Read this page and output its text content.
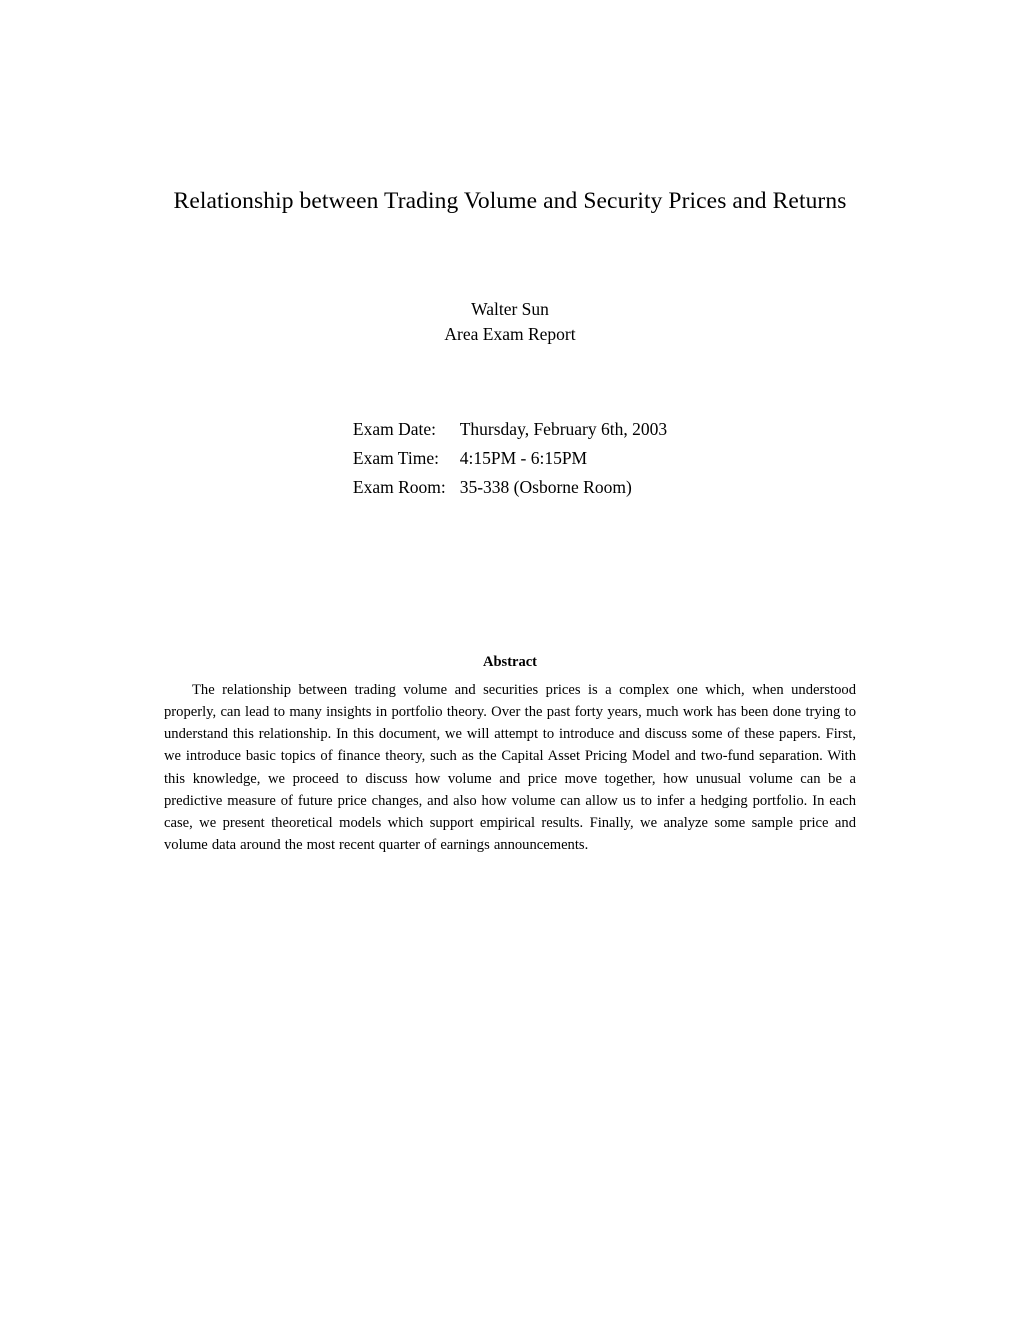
Relationship between Trading Volume and Security Prices and Returns
Walter Sun
Area Exam Report
Exam Date:	Thursday, February 6th, 2003
Exam Time:	4:15PM - 6:15PM
Exam Room:	35-338 (Osborne Room)
Abstract
The relationship between trading volume and securities prices is a complex one which, when understood properly, can lead to many insights in portfolio theory. Over the past forty years, much work has been done trying to understand this relationship. In this document, we will attempt to introduce and discuss some of these papers. First, we introduce basic topics of finance theory, such as the Capital Asset Pricing Model and two-fund separation. With this knowledge, we proceed to discuss how volume and price move together, how unusual volume can be a predictive measure of future price changes, and also how volume can allow us to infer a hedging portfolio. In each case, we present theoretical models which support empirical results. Finally, we analyze some sample price and volume data around the most recent quarter of earnings announcements.
